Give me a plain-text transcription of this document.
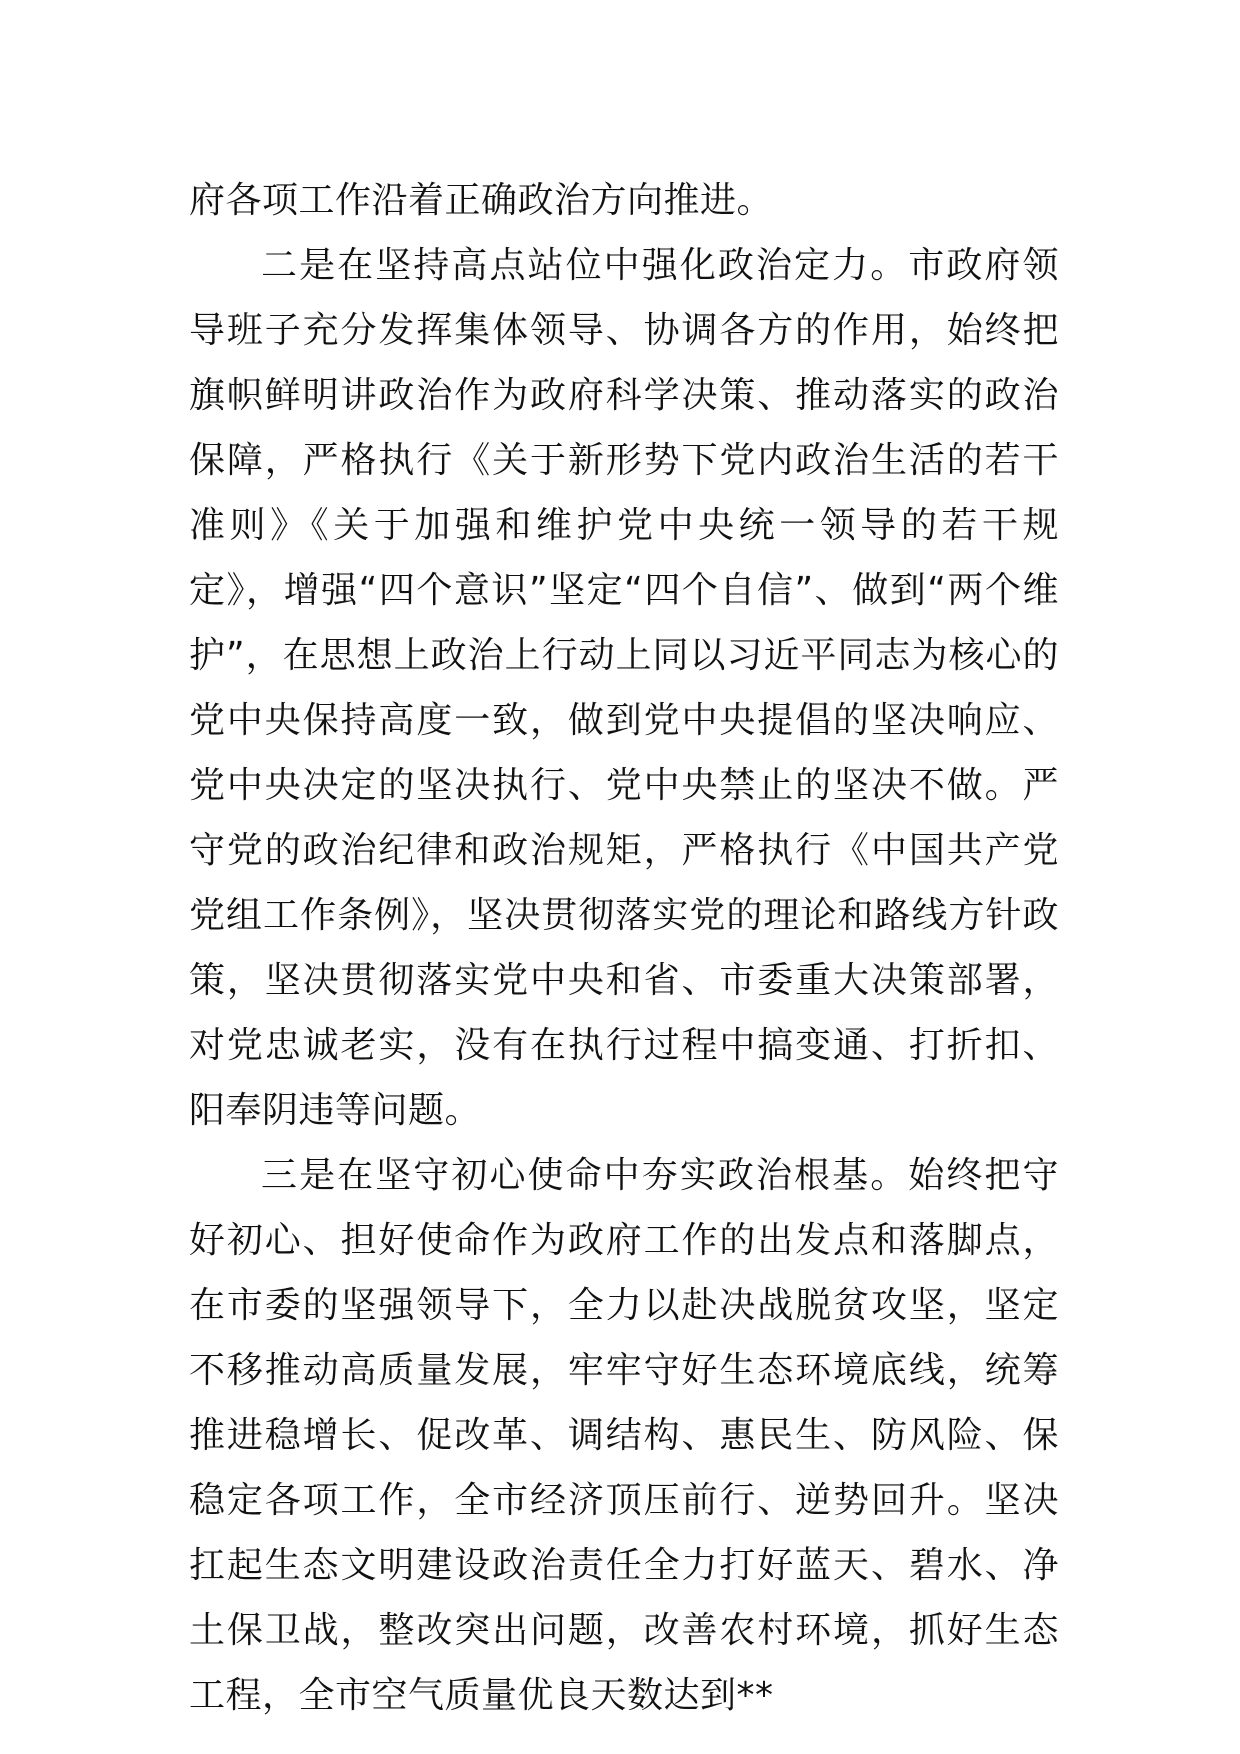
府各项工作沿着正确政治方向推进。

二是在坚持高点站位中强化政治定力。市政府领导班子充分发挥集体领导、协调各方的作用，始终把旗帜鲜明讲政治作为政府科学决策、推动落实的政治保障，严格执行《关于新形势下党内政治生活的若干准则》《关于加强和维护党中央统一领导的若干规定》，增强“四个意识”坚定“四个自信”、做到“两个维护”，在思想上政治上行动上同以习近平同志为核心的党中央保持高度一致，做到党中央提倡的坚决响应、党中央决定的坚决执行、党中央禁止的坚决不做。严守党的政治纪律和政治规矩，严格执行《中国共产党党组工作条例》，坚决贯彻落实党的理论和路线方针政策，坚决贯彻落实党中央和省、市委重大决策部署，对党忠诚老实，没有在执行过程中搞变通、打折扣、阳奉阴违等问题。

三是在坚守初心使命中夯实政治根基。始终把守好初心、担好使命作为政府工作的出发点和落脚点，在市委的坚强领导下，全力以赴决战脱贫攻坚，坚定不移推动高质量发展，牢牢守好生态环境底线，统筹推进稳增长、促改革、调结构、惠民生、防风险、保稳定各项工作，全市经济顶压前行、逆势回升。坚决扛起生态文明建设政治责任全力打好蓝天、碧水、净土保卫战，整改突出问题，改善农村环境，抓好生态工程，全市空气质量优良天数达到**
